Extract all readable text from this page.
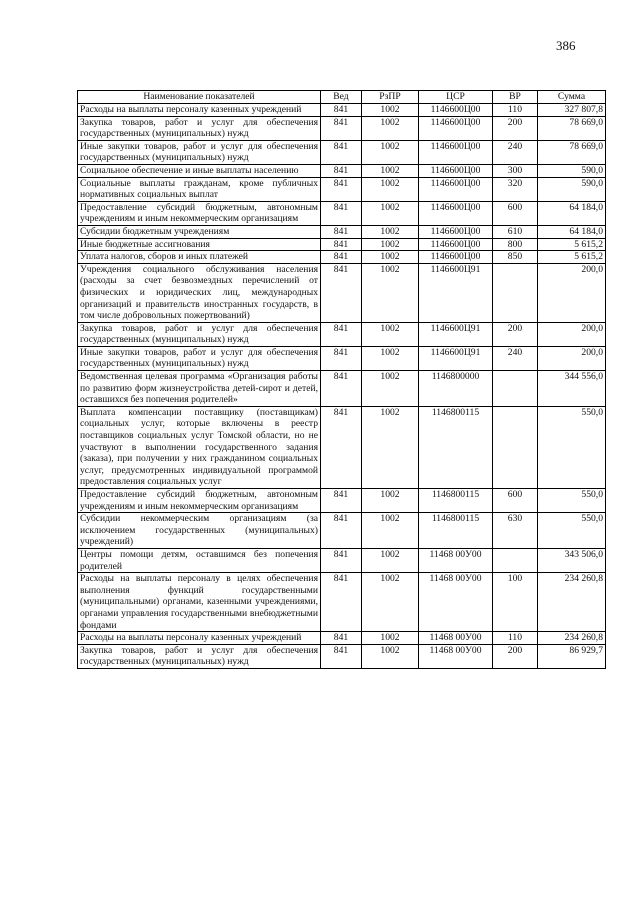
386
Наименование показателей	Вед	РзПР	ЦСР	ВР	Сумма
Расходы на выплаты персоналу казенных учреждений	841	1002	1146600Ц00	110	327 807,8
Закупка товаров, работ и услуг для обеспечения государственных (муниципальных) нужд	841	1002	1146600Ц00	200	78 669,0
Иные закупки товаров, работ и услуг для обеспечения государственных (муниципальных) нужд	841	1002	1146600Ц00	240	78 669,0
Социальное обеспечение и иные выплаты населению	841	1002	1146600Ц00	300	590,0
Социальные выплаты гражданам, кроме публичных нормативных социальных выплат	841	1002	1146600Ц00	320	590,0
Предоставление субсидий бюджетным, автономным учреждениям и иным некоммерческим организациям	841	1002	1146600Ц00	600	64 184,0
Субсидии бюджетным учреждениям	841	1002	1146600Ц00	610	64 184,0
Иные бюджетные ассигнования	841	1002	1146600Ц00	800	5 615,2
Уплата налогов, сборов и иных платежей	841	1002	1146600Ц00	850	5 615,2
Учреждения социального обслуживания населения (расходы за счет безвозмездных перечислений от физических и юридических лиц, международных организаций и правительств иностранных государств, в том числе добровольных пожертвований)	841	1002	1146600Ц91		200,0
Закупка товаров, работ и услуг для обеспечения государственных (муниципальных) нужд	841	1002	1146600Ц91	200	200,0
Иные закупки товаров, работ и услуг для обеспечения государственных (муниципальных) нужд	841	1002	1146600Ц91	240	200,0
Ведомственная целевая программа «Организация работы по развитию форм жизнеустройства детей-сирот и детей, оставшихся без попечения родителей»	841	1002	1146800000		344 556,0
Выплата компенсации поставщику (поставщикам) социальных услуг, которые включены в реестр поставщиков социальных услуг Томской области, но не участвуют в выполнении государственного задания (заказа), при получении у них гражданином социальных услуг, предусмотренных индивидуальной программой предоставления социальных услуг	841	1002	1146800115		550,0
Предоставление субсидий бюджетным, автономным учреждениям и иным некоммерческим организациям	841	1002	1146800115	600	550,0
Субсидии некоммерческим организациям (за исключением государственных (муниципальных) учреждений)	841	1002	1146800115	630	550,0
Центры помощи детям, оставшимся без попечения родителей	841	1002	11468 00У00		343 506,0
Расходы на выплаты персоналу в целях обеспечения выполнения функций государственными (муниципальными) органами, казенными учреждениями, органами управления государственными внебюджетными фондами	841	1002	11468 00У00	100	234 260,8
Расходы на выплаты персоналу казенных учреждений	841	1002	11468 00У00	110	234 260,8
Закупка товаров, работ и услуг для обеспечения государственных (муниципальных) нужд	841	1002	11468 00У00	200	86 929,7
